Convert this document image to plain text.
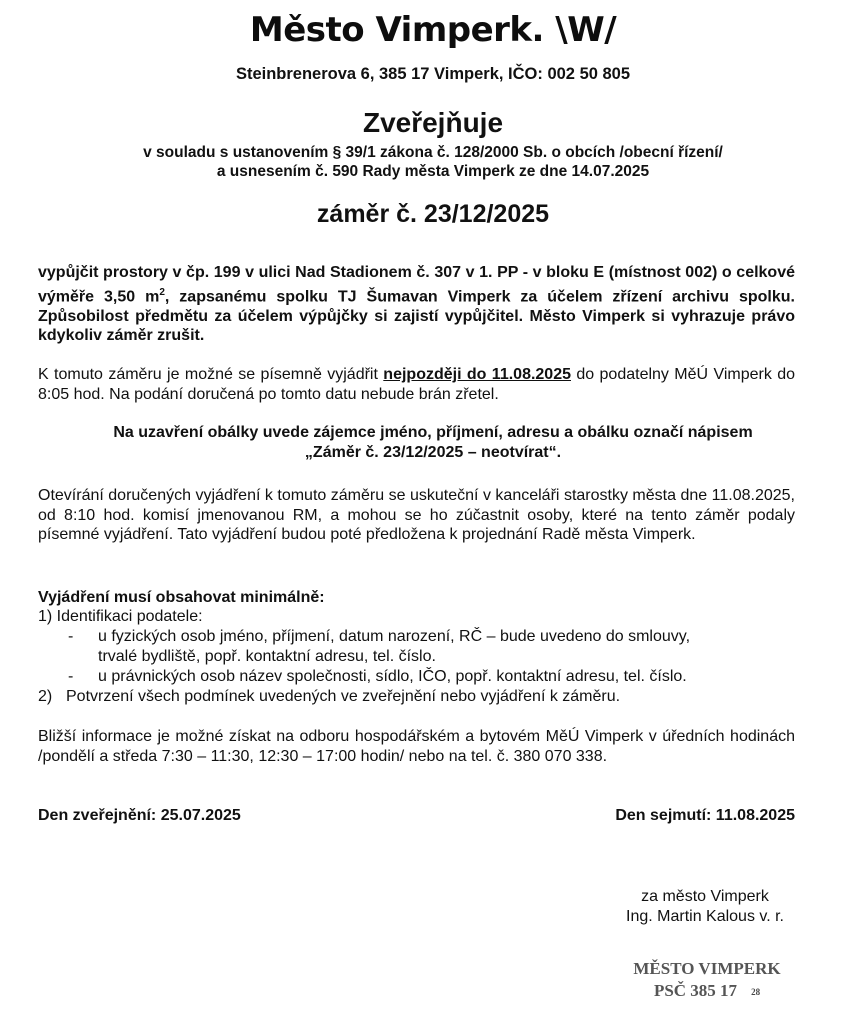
Město Vimperk. \W/
Steinbrenerova 6, 385 17 Vimperk, IČO: 002 50 805
Zveřejňuje
v souladu s ustanovením § 39/1 zákona č. 128/2000 Sb. o obcích /obecní řízení/
a usnesením č. 590 Rady města Vimperk ze dne 14.07.2025
záměr č. 23/12/2025
vypůjčit prostory v čp. 199 v ulici Nad Stadionem č. 307 v 1. PP - v bloku E (místnost 002) o celkové výměře 3,50 $m^2$, zapsanému spolku TJ Šumavan Vimperk za účelem zřízení archivu spolku. Způsobilost předmětu za účelem výpůjčky si zajistí vypůjčitel. Město Vimperk si vyhrazuje právo kdykoliv záměr zrušit.
K tomuto záměru je možné se písemně vyjádřit nejpozději do 11.08.2025 do podatelny MěÚ Vimperk do 8:05 hod. Na podání doručená po tomto datu nebude brán zřetel.
Na uzavření obálky uvede zájemce jméno, příjmení, adresu a obálku označí nápisem
„Záměr č. 23/12/2025 – neotvírat“.
Otevírání doručených vyjádření k tomuto záměru se uskuteční v kanceláři starostky města dne 11.08.2025, od 8:10 hod. komisí jmenovanou RM, a mohou se ho zúčastnit osoby, které na tento záměr podaly písemné vyjádření. Tato vyjádření budou poté předložena k projednání Radě města Vimperk.
Vyjádření musí obsahovat minimálně:
1) Identifikaci podatele:
- u fyzických osob jméno, příjmení, datum narození, RČ – bude uvedeno do smlouvy,
trvalé bydliště, popř. kontaktní adresu, tel. číslo.
- u právnických osob název společnosti, sídlo, IČO, popř. kontaktní adresu, tel. číslo.
2) Potvrzení všech podmínek uvedených ve zveřejnění nebo vyjádření k záměru.
Bližší informace je možné získat na odboru hospodářském a bytovém MěÚ Vimperk v úředních hodinách /pondělí a středa 7:30 – 11:30, 12:30 – 17:00 hodin/ nebo na tel. č. 380 070 338.
Den zveřejnění: 25.07.2025	Den sejmutí: 11.08.2025
za město Vimperk
Ing. Martin Kalous v. r.
MĚSTO VIMPERK
PSČ 385 17 28
